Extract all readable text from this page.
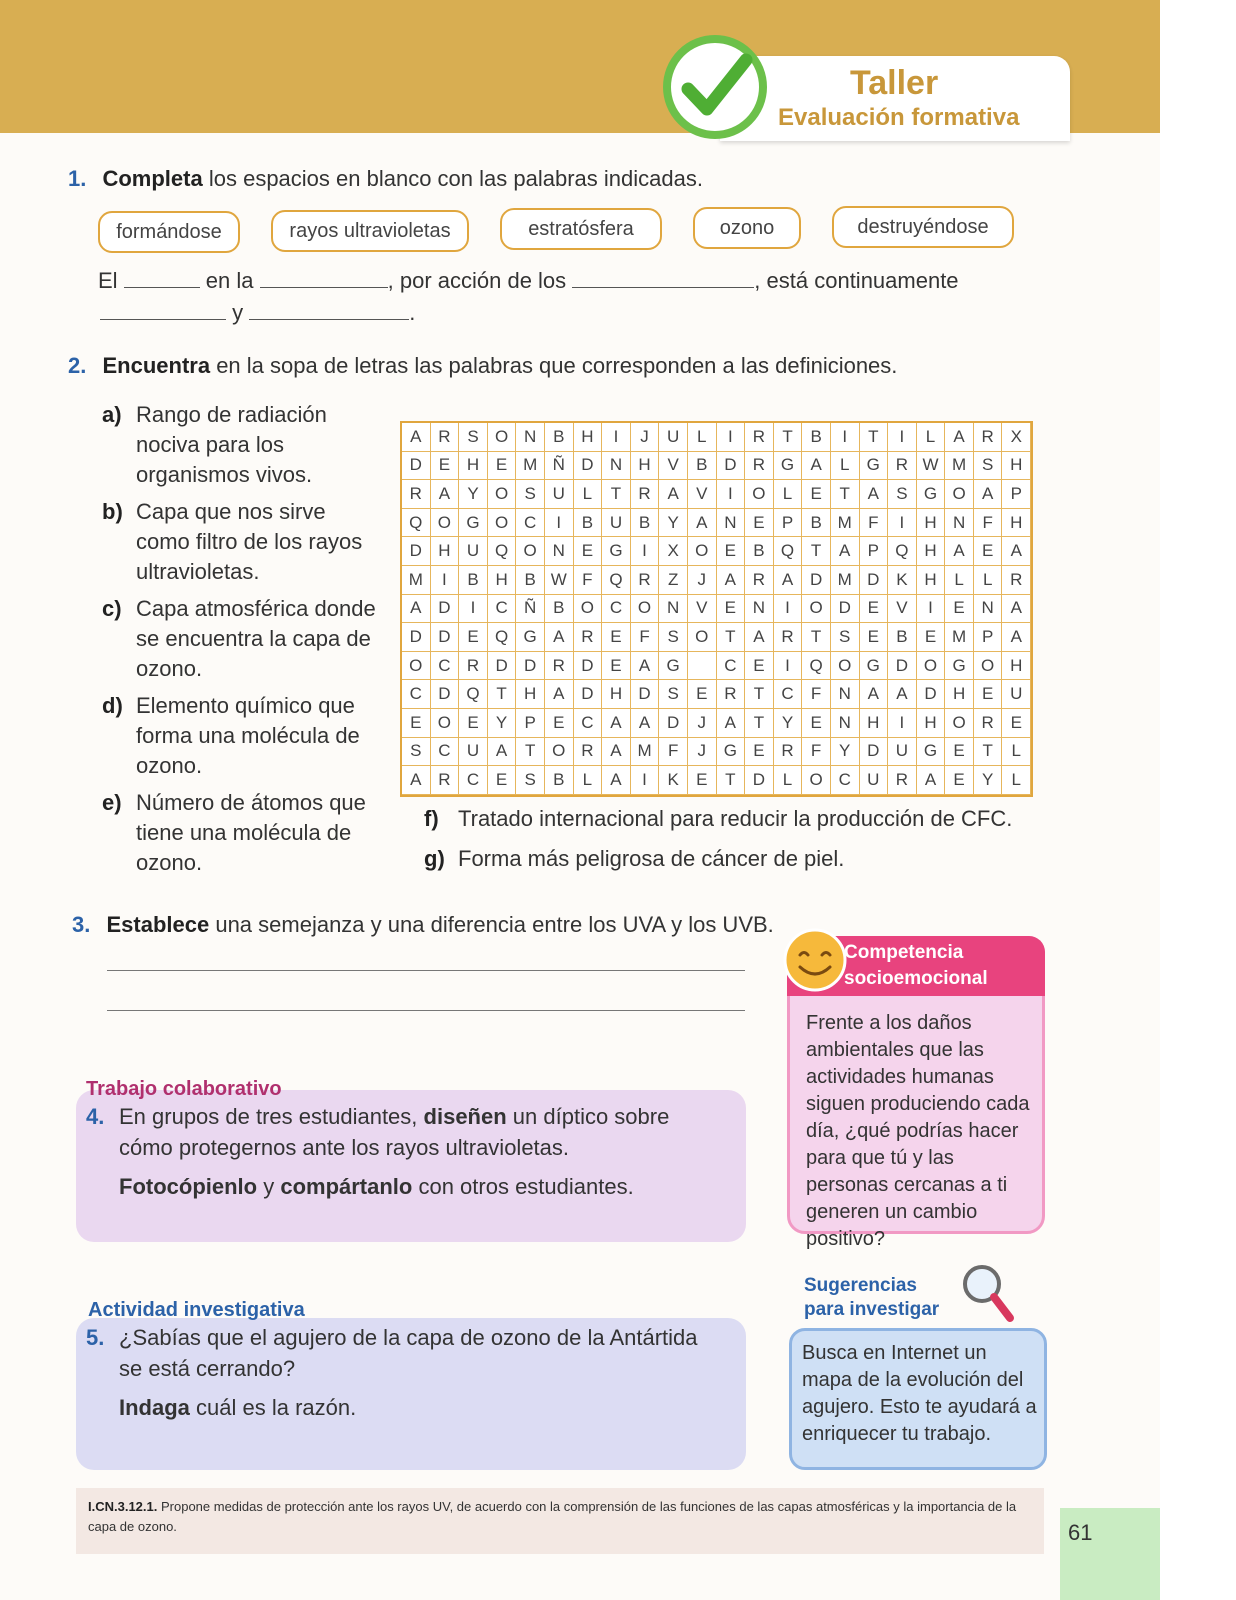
Taller
Evaluación formativa
1. Completa los espacios en blanco con las palabras indicadas.
formándose	rayos ultravioletas	estratósfera	ozono	destruyéndose
El	en la	, por acción de los	, está continuamente
y	.
2. Encuentra en la sopa de letras las palabras que corresponden a las definiciones.
a) Rango de radiación nociva para los organismos vivos.
b) Capa que nos sirve como filtro de los rayos ultravioletas.
c) Capa atmosférica donde se encuentra la capa de ozono.
d) Elemento químico que forma una molécula de ozono.
e) Número de átomos que tiene una molécula de ozono.
f) Tratado internacional para reducir la producción de CFC.
g) Forma más peligrosa de cáncer de piel.
A R S O N B H	I	J	U	L	I	R	T	B	I	T	I	L	A R X
D E H E M Ñ D N H V	B D R G A	L	G R W M S H
R A	Y O S U	L	T	R A	V	I	O	L	E	T	A	S G O A	P
Q O G O C	I	B U B	Y	A N E	P	B M F	I	H N	F	H
D H U Q O N E G	I	X O E	B Q T	A	P Q H A	E	A
M	I	B H B W F Q R	Z	J	A R A D M D K H	L	L	R
A D	I	C Ñ B O C O N V	E N	I	O D E	V	I	E N A
D D E Q G A R E	F	S O T	A R	T	S	E	B	E M P	A
O C R D D R D E	A G	C E	I	Q O G D O G O H
C D Q T	H A D H D S	E R	T	C	F	N A	A D H E U
E O E	Y	P	E C A	A D	J	A	T	Y	E N H	I	H O R E
S C U A	T O R A M F	J	G E R	F	Y D U G E	T	L
A R C E	S	B	L	A	I	K	E	T	D	L	O C U R A	E	Y	L
3. Establece una semejanza y una diferencia entre los UVA y los UVB.
Trabajo colaborativo
4. En grupos de tres estudiantes, diseñen un díptico sobre cómo protegernos ante los rayos ultravioletas.
Fotocópienlo y compártanlo con otros estudiantes.
Actividad investigativa
5. ¿Sabías que el agujero de la capa de ozono de la Antártida se está cerrando?
Indaga cuál es la razón.
Competencia
socioemocional
Frente a los daños ambientales que las actividades humanas siguen produciendo cada día, ¿qué podrías hacer para que tú y las personas cercanas a ti generen un cambio positivo?
Sugerencias
para investigar
Busca en Internet un mapa de la evolución del agujero. Esto te ayudará a enriquecer tu trabajo.
I.CN.3.12.1. Propone medidas de protección ante los rayos UV, de acuerdo con la comprensión de las funciones de las capas atmosféricas y la importancia de la capa de ozono.	61
